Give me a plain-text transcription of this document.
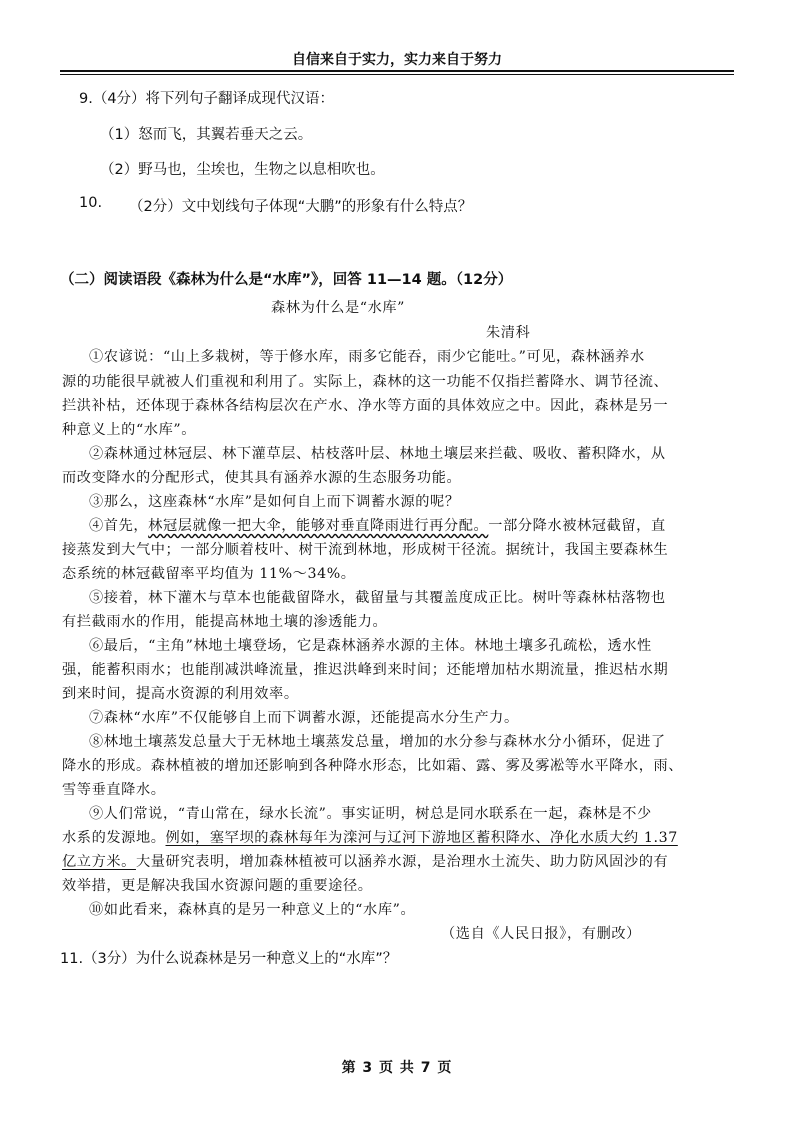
自信来自于实力，实力来自于努力
9.（4分）将下列句子翻译成现代汉语：
（1）怒而飞，其翼若垂天之云。
（2）野马也，尘埃也，生物之以息相吹也。
10. （2分）文中划线句子体现“大鹏”的形象有什么特点？
（二）阅读语段《森林为什么是“水库”》，回答 11—14 题。（12分）
森林为什么是“水库”
朱清科
①农谚说：“山上多栽树，等于修水库，雨多它能吞，雨少它能吐。”可见，森林涵养水
源的功能很早就被人们重视和利用了。实际上，森林的这一功能不仅指拦蓄降水、调节径流、
拦洪补枯，还体现于森林各结构层次在产水、净水等方面的具体效应之中。因此，森林是另一
种意义上的“水库”。
②森林通过林冠层、林下灌草层、枯枝落叶层、林地土壤层来拦截、吸收、蓄积降水，从
而改变降水的分配形式，使其具有涵养水源的生态服务功能。
③那么，这座森林“水库”是如何自上而下调蓄水源的呢？
④首先，林冠层就像一把大伞，能够对垂直降雨进行再分配。一部分降水被林冠截留，直
接蒸发到大气中；一部分顺着枝叶、树干流到林地，形成树干径流。据统计，我国主要森林生
态系统的林冠截留率平均值为 11%～34%。
⑤接着，林下灌木与草本也能截留降水，截留量与其覆盖度成正比。树叶等森林枯落物也
有拦截雨水的作用，能提高林地土壤的渗透能力。
⑥最后，“主角”林地土壤登场，它是森林涵养水源的主体。林地土壤多孔疏松，透水性
强，能蓄积雨水；也能削减洪峰流量，推迟洪峰到来时间；还能增加枯水期流量，推迟枯水期
到来时间，提高水资源的利用效率。
⑦森林“水库”不仅能够自上而下调蓄水源，还能提高水分生产力。
⑧林地土壤蒸发总量大于无林地土壤蒸发总量，增加的水分参与森林水分小循环，促进了
降水的形成。森林植被的增加还影响到各种降水形态，比如霜、露、雾及雾凇等水平降水，雨、
雪等垂直降水。
⑨人们常说，“青山常在，绿水长流”。事实证明，树总是同水联系在一起，森林是不少
水系的发源地。例如，塞罕坝的森林每年为滦河与辽河下游地区蓄积降水、净化水质大约 1.37
亿立方米。大量研究表明，增加森林植被可以涵养水源，是治理水土流失、助力防风固沙的有
效举措，更是解决我国水资源问题的重要途径。
⑩如此看来，森林真的是另一种意义上的“水库”。
（选自《人民日报》，有删改）
11.（3分）为什么说森林是另一种意义上的“水库”？
第 3 页 共 7 页
